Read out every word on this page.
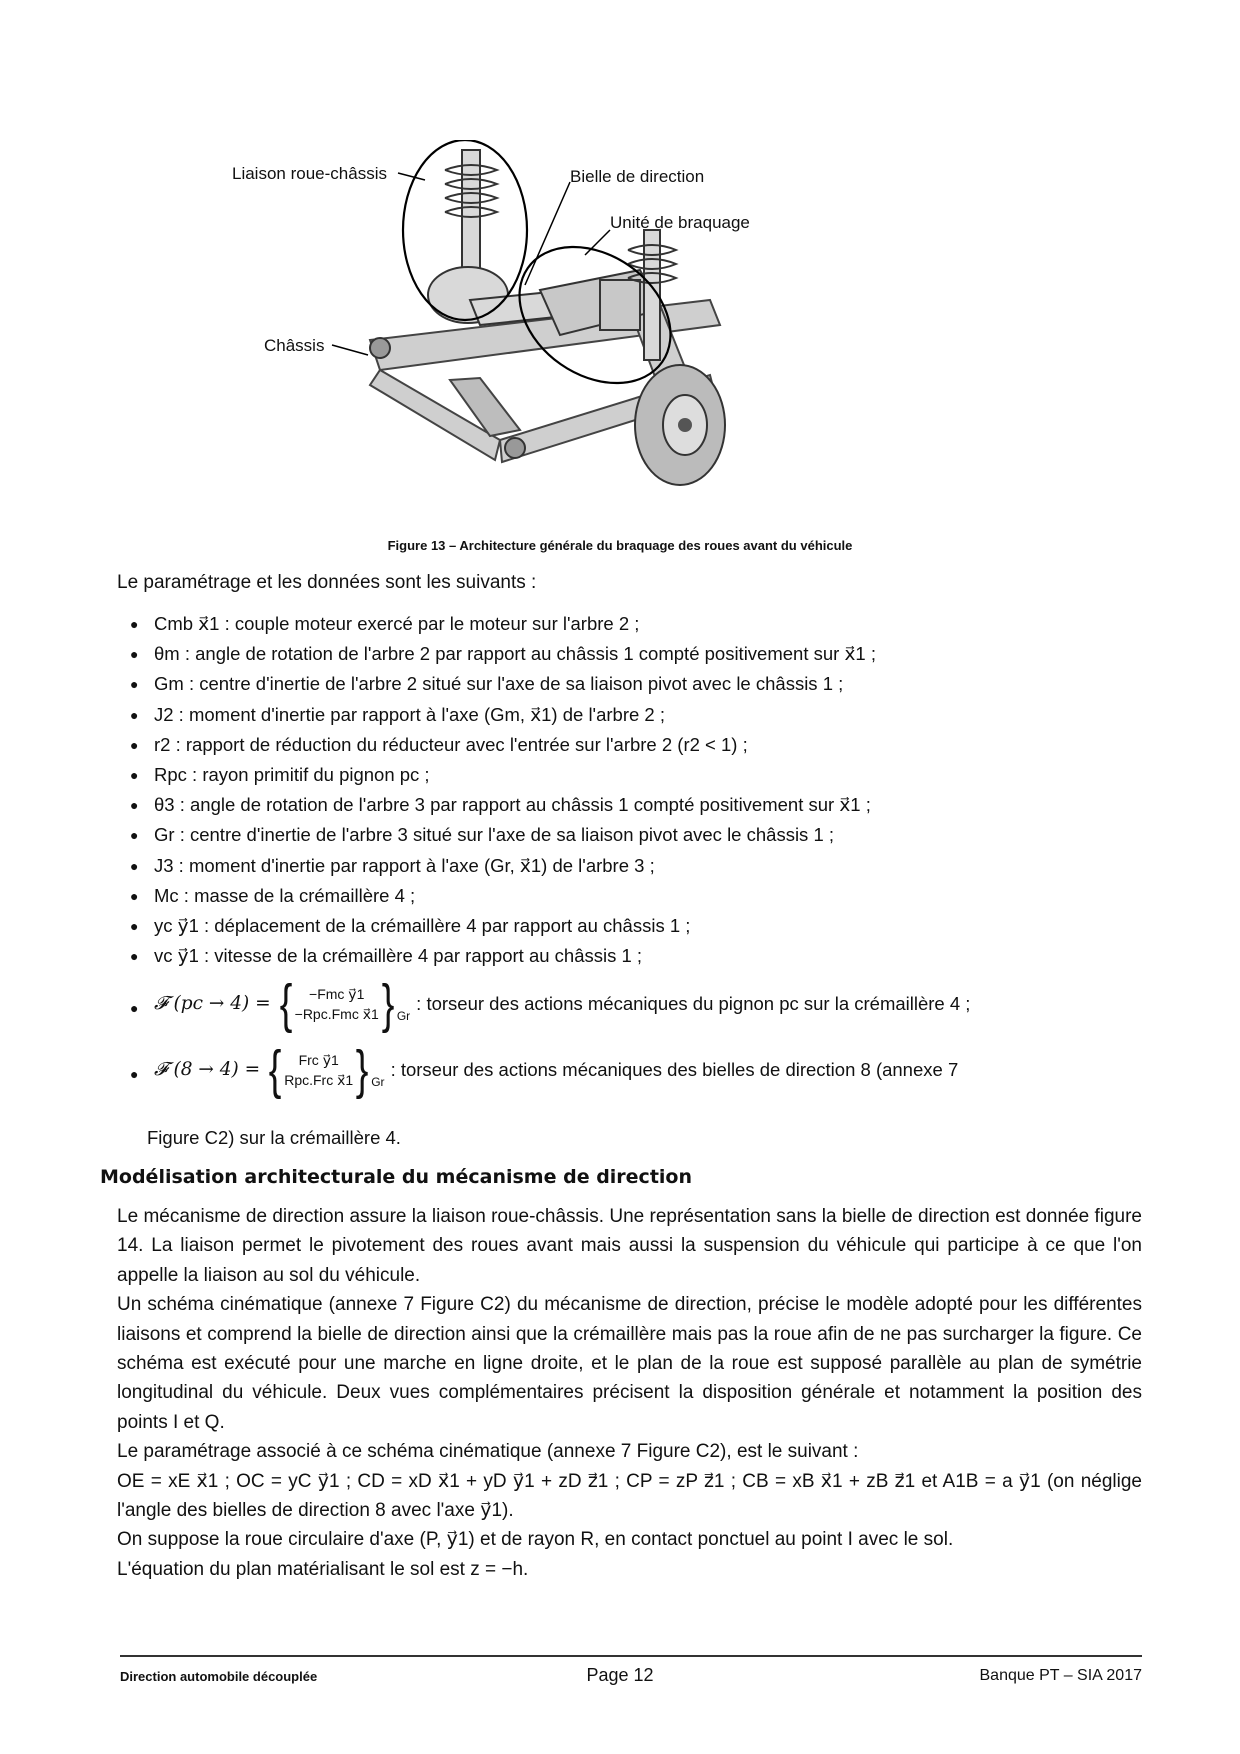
Liaison roue-châssis	Bielle de direction
Unité de braquage
Châssis
Figure 13 – Architecture générale du braquage des roues avant du véhicule
Le paramétrage et les données sont les suivants :
● Cmb x⃗1 : couple moteur exercé par le moteur sur l'arbre 2 ;
● θm : angle de rotation de l'arbre 2 par rapport au châssis 1 compté positivement sur x⃗1 ;
● Gm : centre d'inertie de l'arbre 2 situé sur l'axe de sa liaison pivot avec le châssis 1 ;
● J2 : moment d'inertie par rapport à l'axe (Gm, x⃗1) de l'arbre 2 ;
● r2 : rapport de réduction du réducteur avec l'entrée sur l'arbre 2 (r2 < 1) ;
● Rpc : rayon primitif du pignon pc ;
● θ3 : angle de rotation de l'arbre 3 par rapport au châssis 1 compté positivement sur x⃗1 ;
● Gr : centre d'inertie de l'arbre 3 situé sur l'axe de sa liaison pivot avec le châssis 1 ;
● J3 : moment d'inertie par rapport à l'axe (Gr, x⃗1) de l'arbre 3 ;
● Mc : masse de la crémaillère 4 ;
● yc y⃗1 : déplacement de la crémaillère 4 par rapport au châssis 1 ;
● vc y⃗1 : vitesse de la crémaillère 4 par rapport au châssis 1 ;
● 𝓕 (pc → 4) = {	−Fmc y⃗1
−Rpc.Fmc x⃗1 }$_{Gr}$
: torseur des actions mécaniques du pignon pc sur la crémaillère 4 ;
● 𝓕 (8 → 4) = {	Frc y⃗1
Rpc.Frc x⃗1 }$_{Gr}$
: torseur des actions mécaniques des bielles de direction 8 (annexe 7
Figure C2) sur la crémaillère 4.
Modélisation architecturale du mécanisme de direction

Le mécanisme de direction assure la liaison roue-châssis. Une représentation sans la bielle de direction est donnée figure 14. La liaison permet le pivotement des roues avant mais aussi la suspension du véhicule qui participe à ce que l'on appelle la liaison au sol du véhicule.

Un schéma cinématique (annexe 7 Figure C2) du mécanisme de direction, précise le modèle adopté pour les différentes liaisons et comprend la bielle de direction ainsi que la crémaillère mais pas la roue afin de ne pas surcharger la figure. Ce schéma est exécuté pour une marche en ligne droite, et le plan de la roue est supposé parallèle au plan de symétrie longitudinal du véhicule. Deux vues complémentaires précisent la disposition générale et notamment la position des points I et Q.

Le paramétrage associé à ce schéma cinématique (annexe 7 Figure C2), est le suivant :

OE = xE x⃗1 ; OC = yC y⃗1 ; CD = xD x⃗1 + yD y⃗1 + zD z⃗1 ; CP = zP z⃗1 ; CB = xB x⃗1 + zB z⃗1 et A1B = a y⃗1 (on néglige l'angle des bielles de direction 8 avec l'axe y⃗1).

On suppose la roue circulaire d'axe (P, y⃗1) et de rayon R, en contact ponctuel au point I avec le sol.

L'équation du plan matérialisant le sol est z = −h.

Direction automobile découplée	Page 12	Banque PT – SIA 2017
